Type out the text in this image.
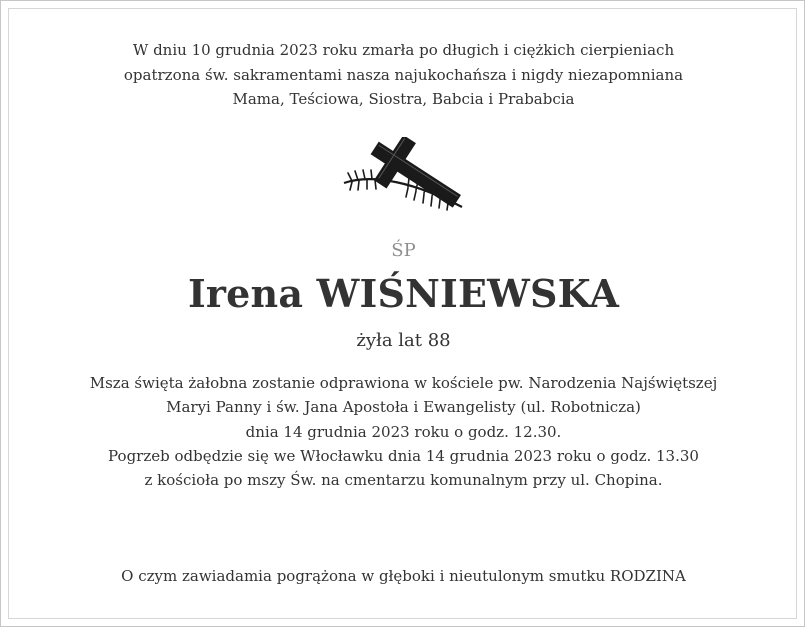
W dniu 10 grudnia 2023 roku zmarła po długich i ciężkich cierpieniach
opatrzona św. sakramentami nasza najukochańsza i nigdy niezapomniana
Mama, Teściowa, Siostra, Babcia i Prababcia
ŚP
Irena WIŚNIEWSKA
żyła lat 88
Msza święta żałobna zostanie odprawiona w kościele pw. Narodzenia Najświętszej
Maryi Panny i św. Jana Apostoła i Ewangelisty (ul. Robotnicza)
dnia 14 grudnia 2023 roku o godz. 12.30.
Pogrzeb odbędzie się we Włocławku dnia 14 grudnia 2023 roku o godz. 13.30
z kościoła po mszy Św. na cmentarzu komunalnym przy ul. Chopina.
O czym zawiadamia pogrążona w głęboki i nieutulonym smutku RODZINA
